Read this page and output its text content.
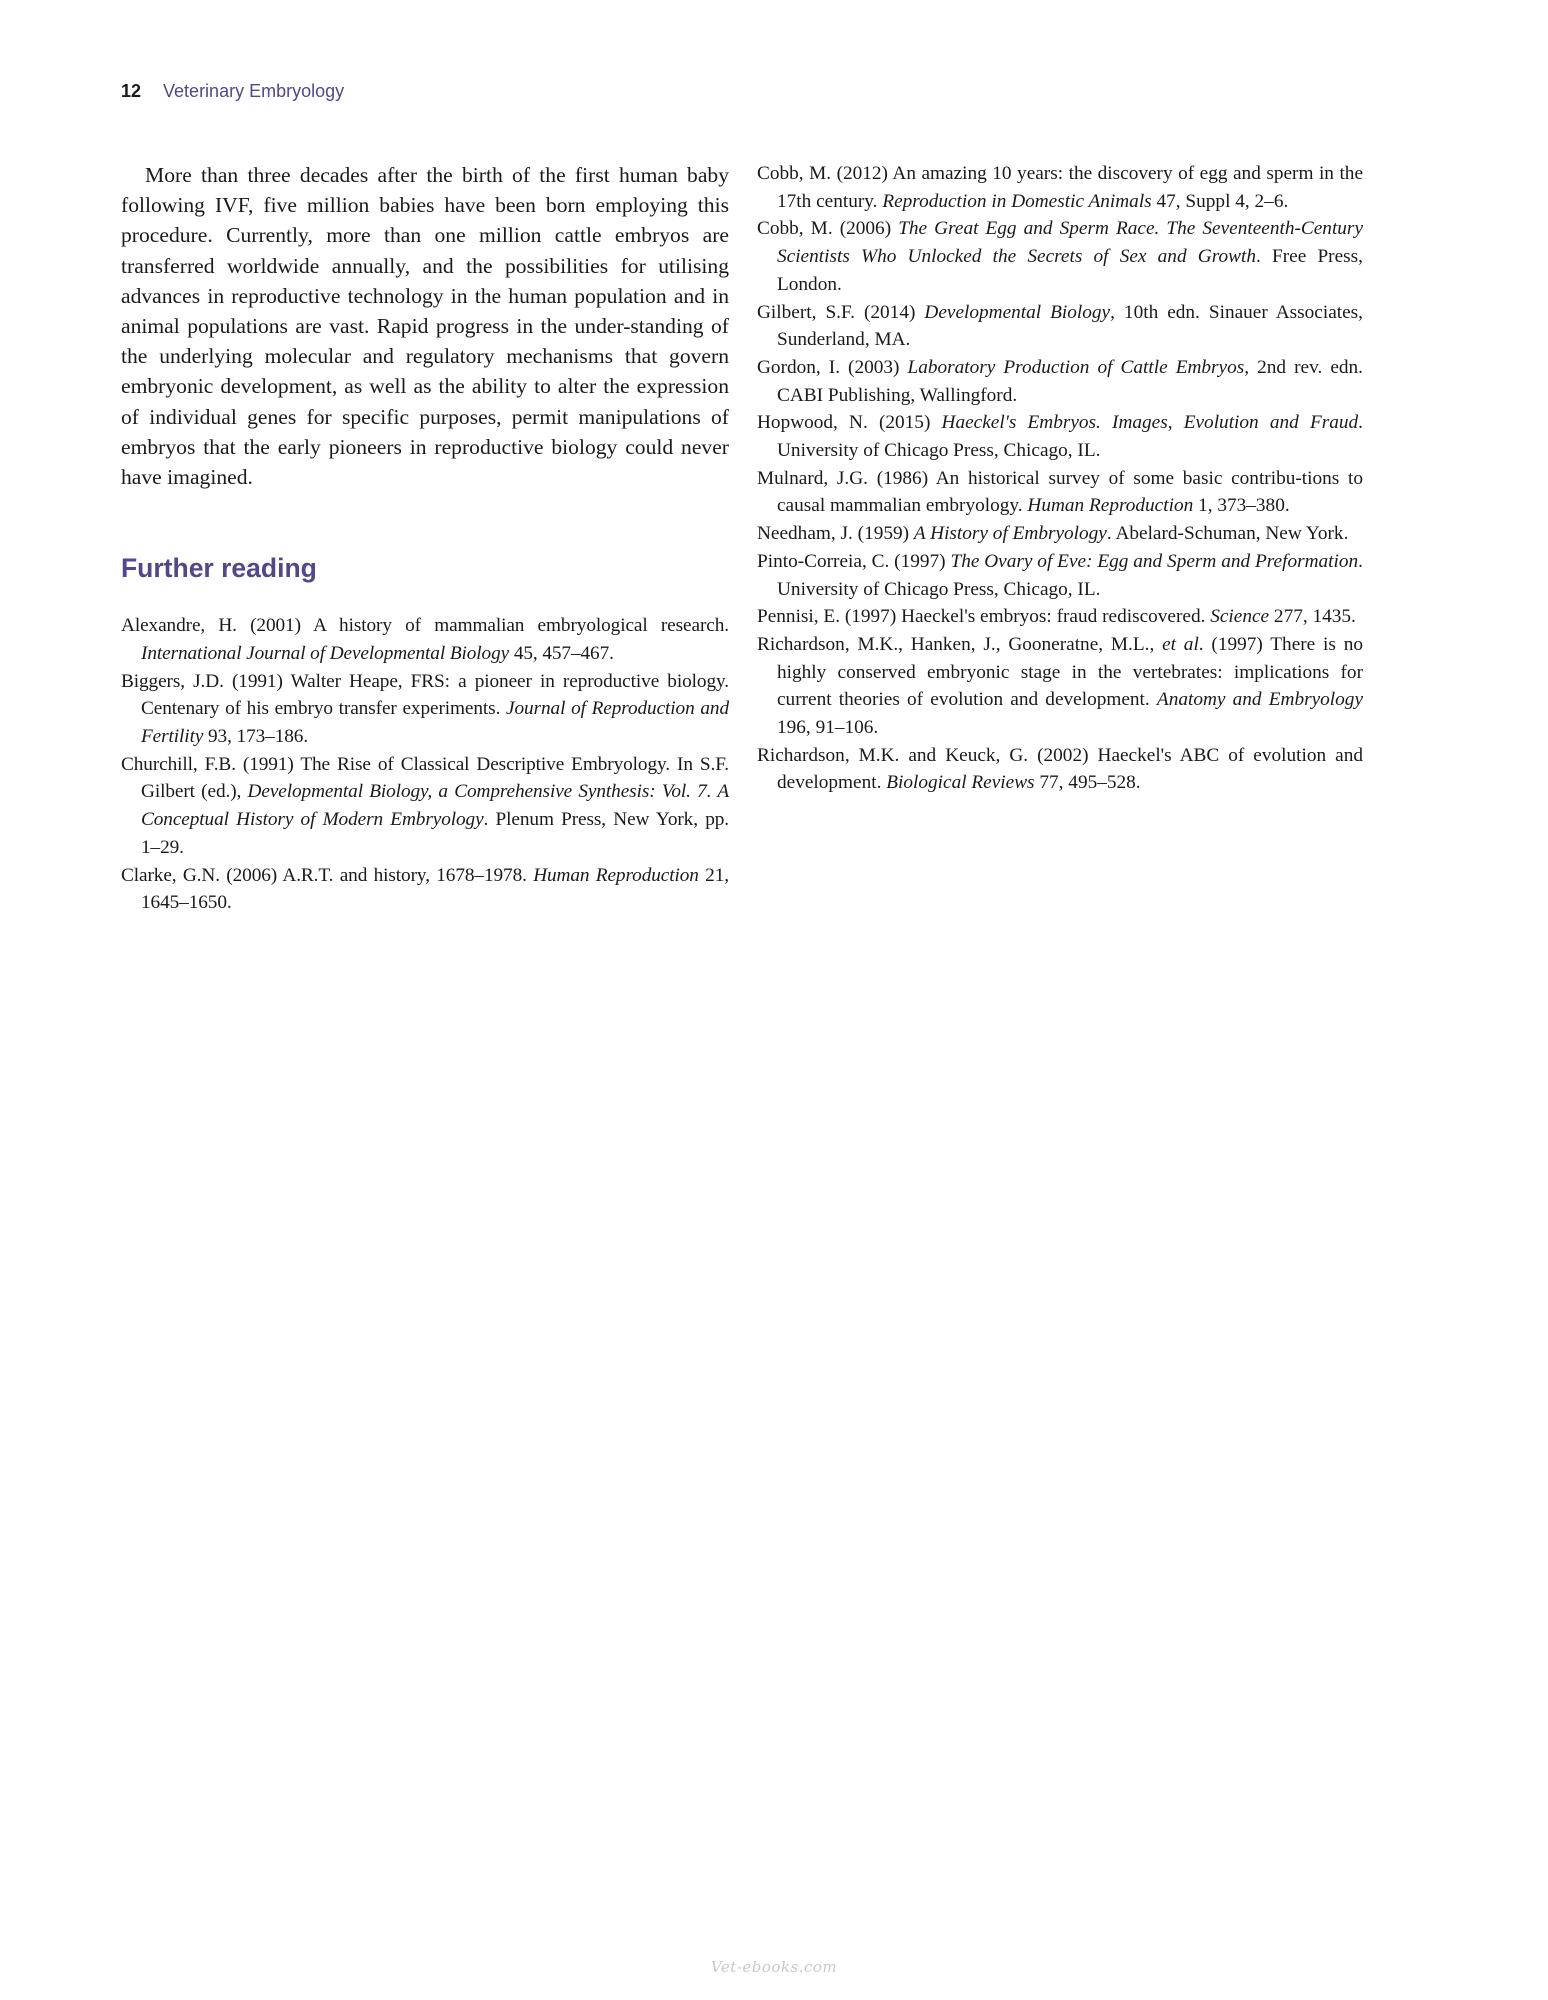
12 Veterinary Embryology

More than three decades after the birth of the first human baby following IVF, five million babies have been born employing this procedure. Currently, more than one million cattle embryos are transferred worldwide annually, and the possibilities for utilising advances in reproductive technology in the human population and in animal populations are vast. Rapid progress in the under-standing of the underlying molecular and regulatory mechanisms that govern embryonic development, as well as the ability to alter the expression of individual genes for specific purposes, permit manipulations of embryos that the early pioneers in reproductive biology could never have imagined.

Further reading
Alexandre, H. (2001) A history of mammalian embryological research. International Journal of Developmental Biology 45, 457–467.
Biggers, J.D. (1991) Walter Heape, FRS: a pioneer in reproductive biology. Centenary of his embryo transfer experiments. Journal of Reproduction and Fertility 93, 173–186.
Churchill, F.B. (1991) The Rise of Classical Descriptive Embryology. In S.F. Gilbert (ed.), Developmental Biology, a Comprehensive Synthesis: Vol. 7. A Conceptual History of Modern Embryology. Plenum Press, New York, pp. 1–29.
Clarke, G.N. (2006) A.R.T. and history, 1678–1978. Human Reproduction 21, 1645–1650.
Cobb, M. (2012) An amazing 10 years: the discovery of egg and sperm in the 17th century. Reproduction in Domestic Animals 47, Suppl 4, 2–6.
Cobb, M. (2006) The Great Egg and Sperm Race. The Seventeenth-Century Scientists Who Unlocked the Secrets of Sex and Growth. Free Press, London.
Gilbert, S.F. (2014) Developmental Biology, 10th edn. Sinauer Associates, Sunderland, MA.
Gordon, I. (2003) Laboratory Production of Cattle Embryos, 2nd rev. edn. CABI Publishing, Wallingford.
Hopwood, N. (2015) Haeckel's Embryos. Images, Evolution and Fraud. University of Chicago Press, Chicago, IL.
Mulnard, J.G. (1986) An historical survey of some basic contribu-tions to causal mammalian embryology. Human Reproduction 1, 373–380.
Needham, J. (1959) A History of Embryology. Abelard-Schuman, New York.
Pinto-Correia, C. (1997) The Ovary of Eve: Egg and Sperm and Preformation. University of Chicago Press, Chicago, IL.
Pennisi, E. (1997) Haeckel's embryos: fraud rediscovered. Science 277, 1435.
Richardson, M.K., Hanken, J., Gooneratne, M.L., et al. (1997) There is no highly conserved embryonic stage in the vertebrates: implications for current theories of evolution and development. Anatomy and Embryology 196, 91–106.
Richardson, M.K. and Keuck, G. (2002) Haeckel's ABC of evolution and development. Biological Reviews 77, 495–528.
Vet-ebooks.com
